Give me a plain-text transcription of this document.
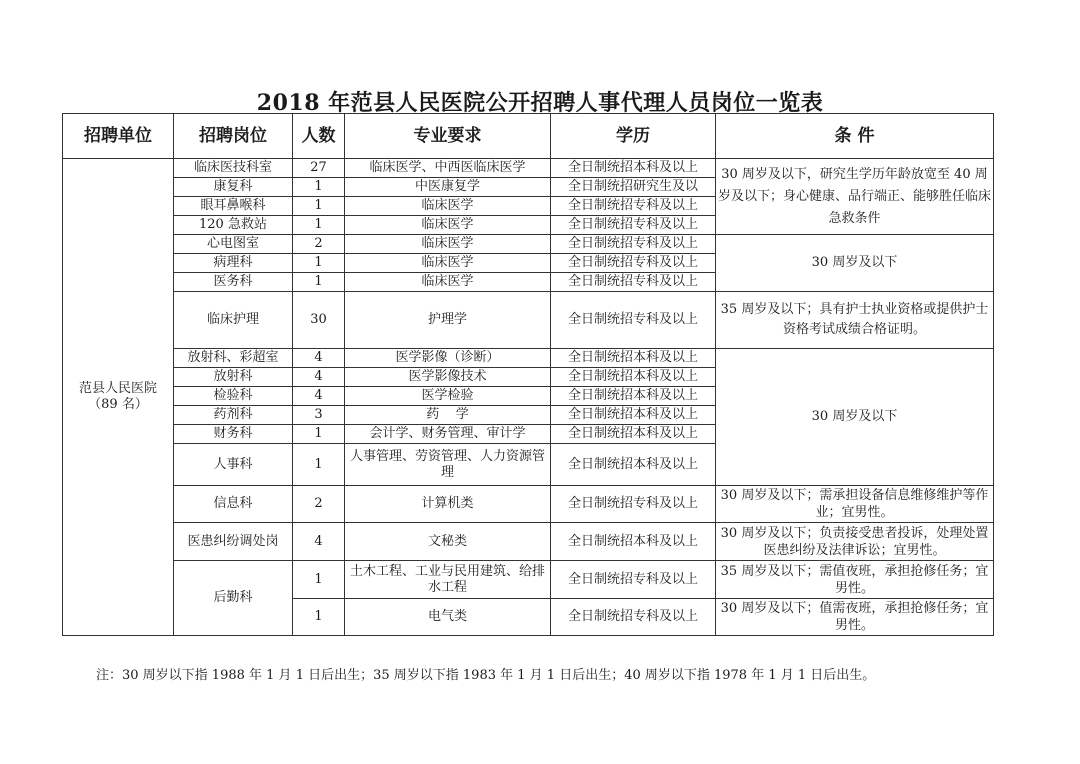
2018 年范县人民医院公开招聘人事代理人员岗位一览表
招聘单位	招聘岗位	人数	专业要求	学历	条 件

范县人民医院
（89 名）	临床医技科室	27	临床医学、中西医临床医学	全日制统招本科及以上	30 周岁及以下，研究生学历年龄放宽至 40 周岁及以下；身心健康、品行端正、能够胜任临床急救条件
	康复科	1	中医康复学	全日制统招研究生及以	
	眼耳鼻喉科	1	临床医学	全日制统招专科及以上	
	120 急救站	1	临床医学	全日制统招专科及以上	
	心电图室	2	临床医学	全日制统招专科及以上	30 周岁及以下
	病理科	1	临床医学	全日制统招专科及以上	
	医务科	1	临床医学	全日制统招专科及以上	
	临床护理	30	护理学	全日制统招专科及以上	35 周岁及以下；具有护士执业资格或提供护士资格考试成绩合格证明。
	放射科、彩超室	4	医学影像（诊断）	全日制统招本科及以上	30 周岁及以下
	放射科	4	医学影像技术	全日制统招本科及以上	
	检验科	4	医学检验	全日制统招本科及以上	
	药剂科	3	药    学	全日制统招本科及以上	
	财务科	1	会计学、财务管理、审计学	全日制统招本科及以上	
	人事科	1	人事管理、劳资管理、人力资源管理	全日制统招本科及以上	
	信息科	2	计算机类	全日制统招专科及以上	30 周岁及以下；需承担设备信息维修维护等作业；宜男性。
	医患纠纷调处岗	4	文秘类	全日制统招本科及以上	30 周岁及以下；负责接受患者投诉，处理处置医患纠纷及法律诉讼；宜男性。
	后勤科	1	土木工程、工业与民用建筑、给排水工程	全日制统招专科及以上	35 周岁及以下；需值夜班，承担抢修任务；宜男性。
		1	电气类	全日制统招专科及以上	30 周岁及以下；值需夜班，承担抢修任务；宜男性。
注：30 周岁以下指 1988 年 1 月 1 日后出生；35 周岁以下指 1983 年 1 月 1 日后出生；40 周岁以下指 1978 年 1 月 1 日后出生。
